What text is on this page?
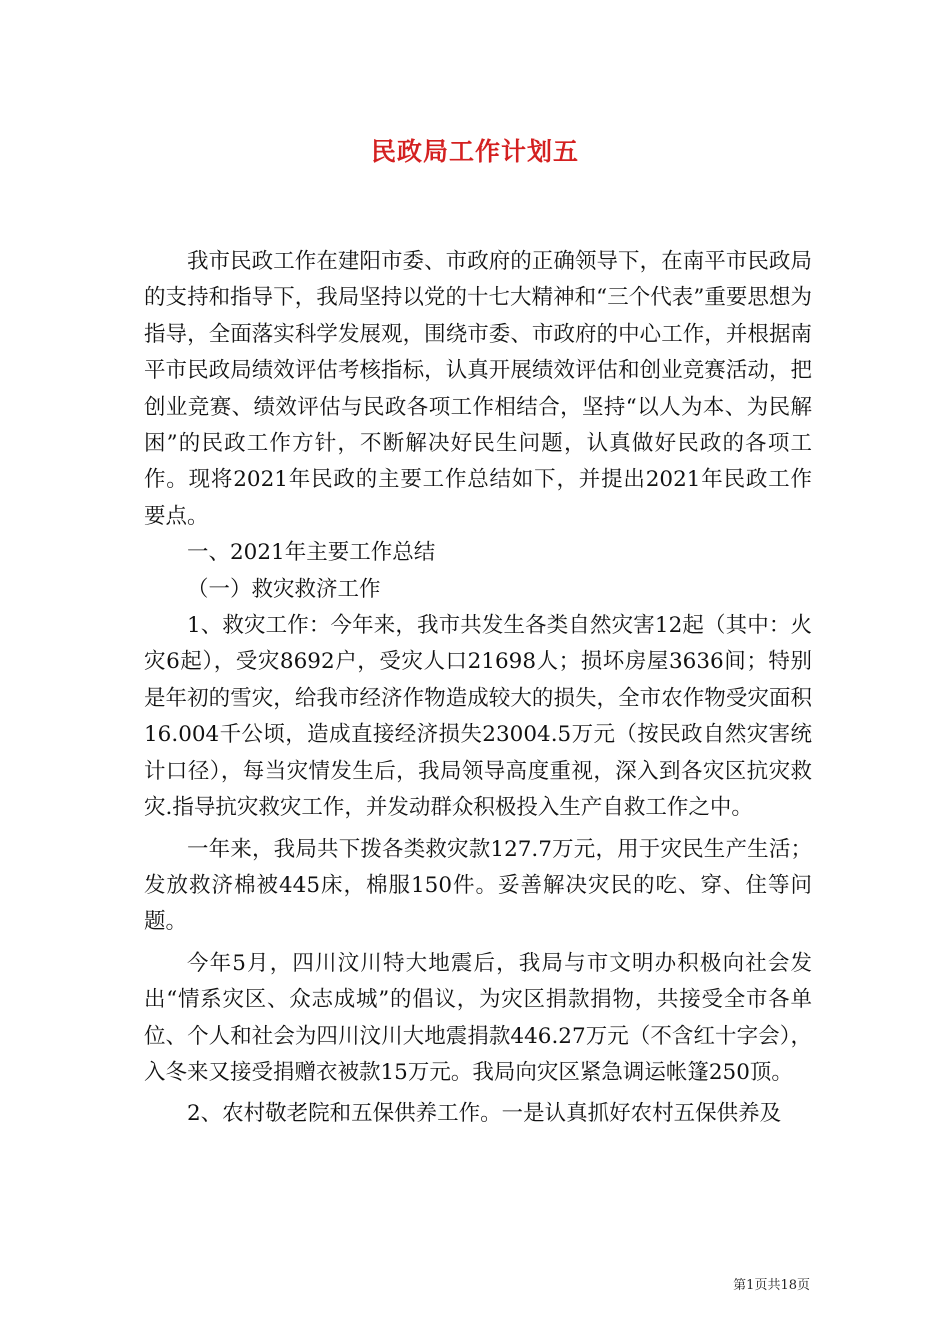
民政局工作计划五

我市民政工作在建阳市委、市政府的正确领导下，在南平市民政局的支持和指导下，我局坚持以党的十七大精神和“三个代表”重要思想为指导，全面落实科学发展观，围绕市委、市政府的中心工作，并根据南平市民政局绩效评估考核指标，认真开展绩效评估和创业竞赛活动，把创业竞赛、绩效评估与民政各项工作相结合，坚持“以人为本、为民解困”的民政工作方针，不断解决好民生问题，认真做好民政的各项工作。现将2021年民政的主要工作总结如下，并提出2021年民政工作要点。

一、2021年主要工作总结

（一）救灾救济工作

1、救灾工作：今年来，我市共发生各类自然灾害12起（其中：火灾6起），受灾8692户，受灾人口21698人；损坏房屋3636间；特别是年初的雪灾，给我市经济作物造成较大的损失，全市农作物受灾面积16.004千公顷，造成直接经济损失23004.5万元（按民政自然灾害统计口径），每当灾情发生后，我局领导高度重视，深入到各灾区抗灾救灾.指导抗灾救灾工作，并发动群众积极投入生产自救工作之中。

一年来，我局共下拨各类救灾款127.7万元，用于灾民生产生活；发放救济棉被445床，棉服150件。妥善解决灾民的吃、穿、住等问题。

今年5月，四川汶川特大地震后，我局与市文明办积极向社会发出“情系灾区、众志成城”的倡议，为灾区捐款捐物，共接受全市各单位、个人和社会为四川汶川大地震捐款446.27万元（不含红十字会），入冬来又接受捐赠衣被款15万元。我局向灾区紧急调运帐篷250顶。

2、农村敬老院和五保供养工作。一是认真抓好农村五保供养及

第1页共18页
